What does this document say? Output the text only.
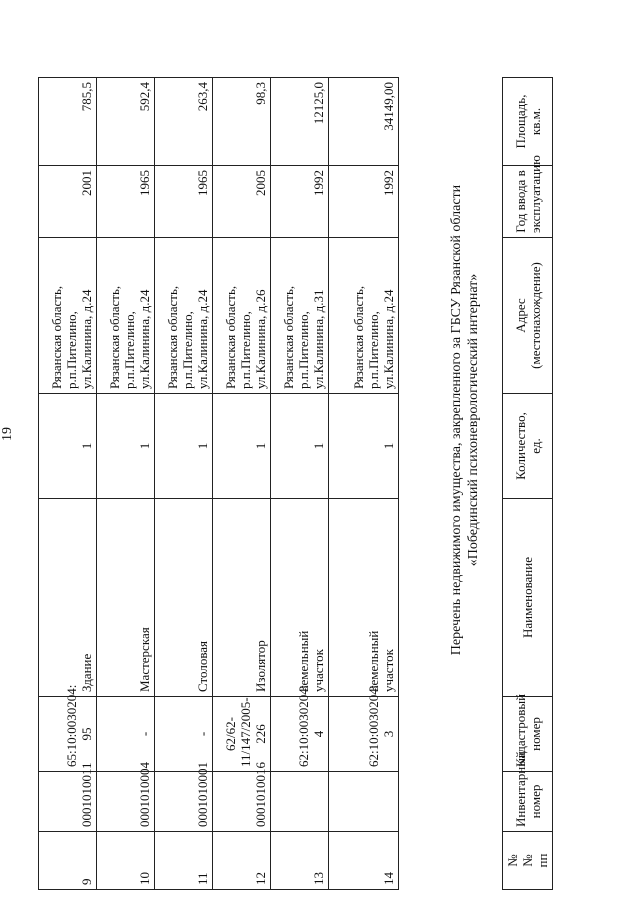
19
9	0001010011	65:10:0030204:
95	Здание	1	Рязанская область,
р.п.Пителино,
ул.Калинина, д.24	2001	785,5
10	0001010004	-	Мастерская	1	Рязанская область,
р.п.Пителино,
ул.Калинина, д.24	1965	592,4
11	0001010001	-	Столовая	1	Рязанская область,
р.п.Пителино,
ул.Калинина, д.24	1965	263,4
12	0001010016	62/62-
11/147/2005-
226	Изолятор	1	Рязанская область,
р.п.Пителино,
ул.Калинина, д.26	2005	98,3
13		62:10:0030204:
4	Земельный
участок	1	Рязанская область,
р.п.Пителино,
ул.Калинина, д.31	1992	12125,0
14		62:10:0030204:
3	Земельный
участок	1	Рязанская область,
р.п.Пителино,
ул.Калинина, д.24	1992	34149,00
Перечень недвижимого имущества, закрепленного за ГБСУ Рязанской области «Побединский психоневрологический интернат»
№
№
пп	Инвентарный
номер	Кадастровый
номер	Наименование	Количество,
ед.	Адрес
(местонахождение)	Год ввода в
эксплуатацию	Площадь,
кв.м.
